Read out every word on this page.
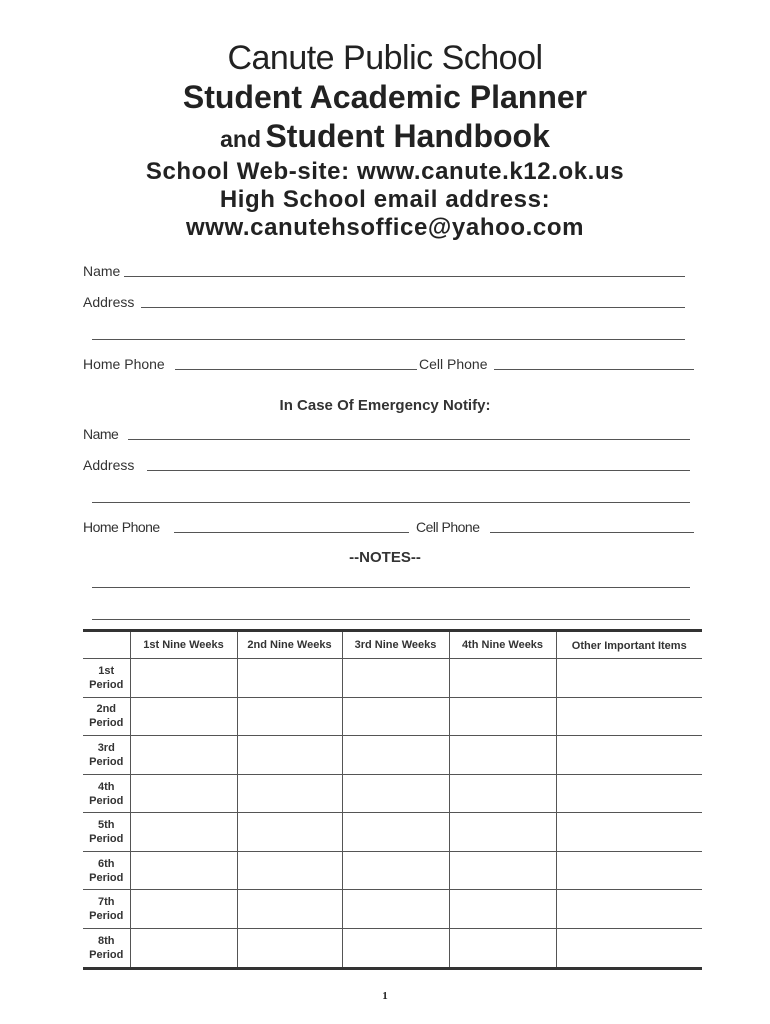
Canute Public School
Student Academic Planner
and Student Handbook
School Web-site: www.canute.k12.ok.us
High School email address:
www.canutehsoffice@yahoo.com
Name
Address
Home Phone	Cell Phone
In Case Of Emergency Notify:
Name
Address
Home Phone	Cell Phone
--NOTES--
	1st Nine Weeks	2nd Nine Weeks	3rd Nine Weeks	4th Nine Weeks	Other Important Items

1st
Period					

2nd
Period					

3rd
Period					

4th
Period					

5th
Period					

6th
Period					

7th
Period					

8th
Period					

1
